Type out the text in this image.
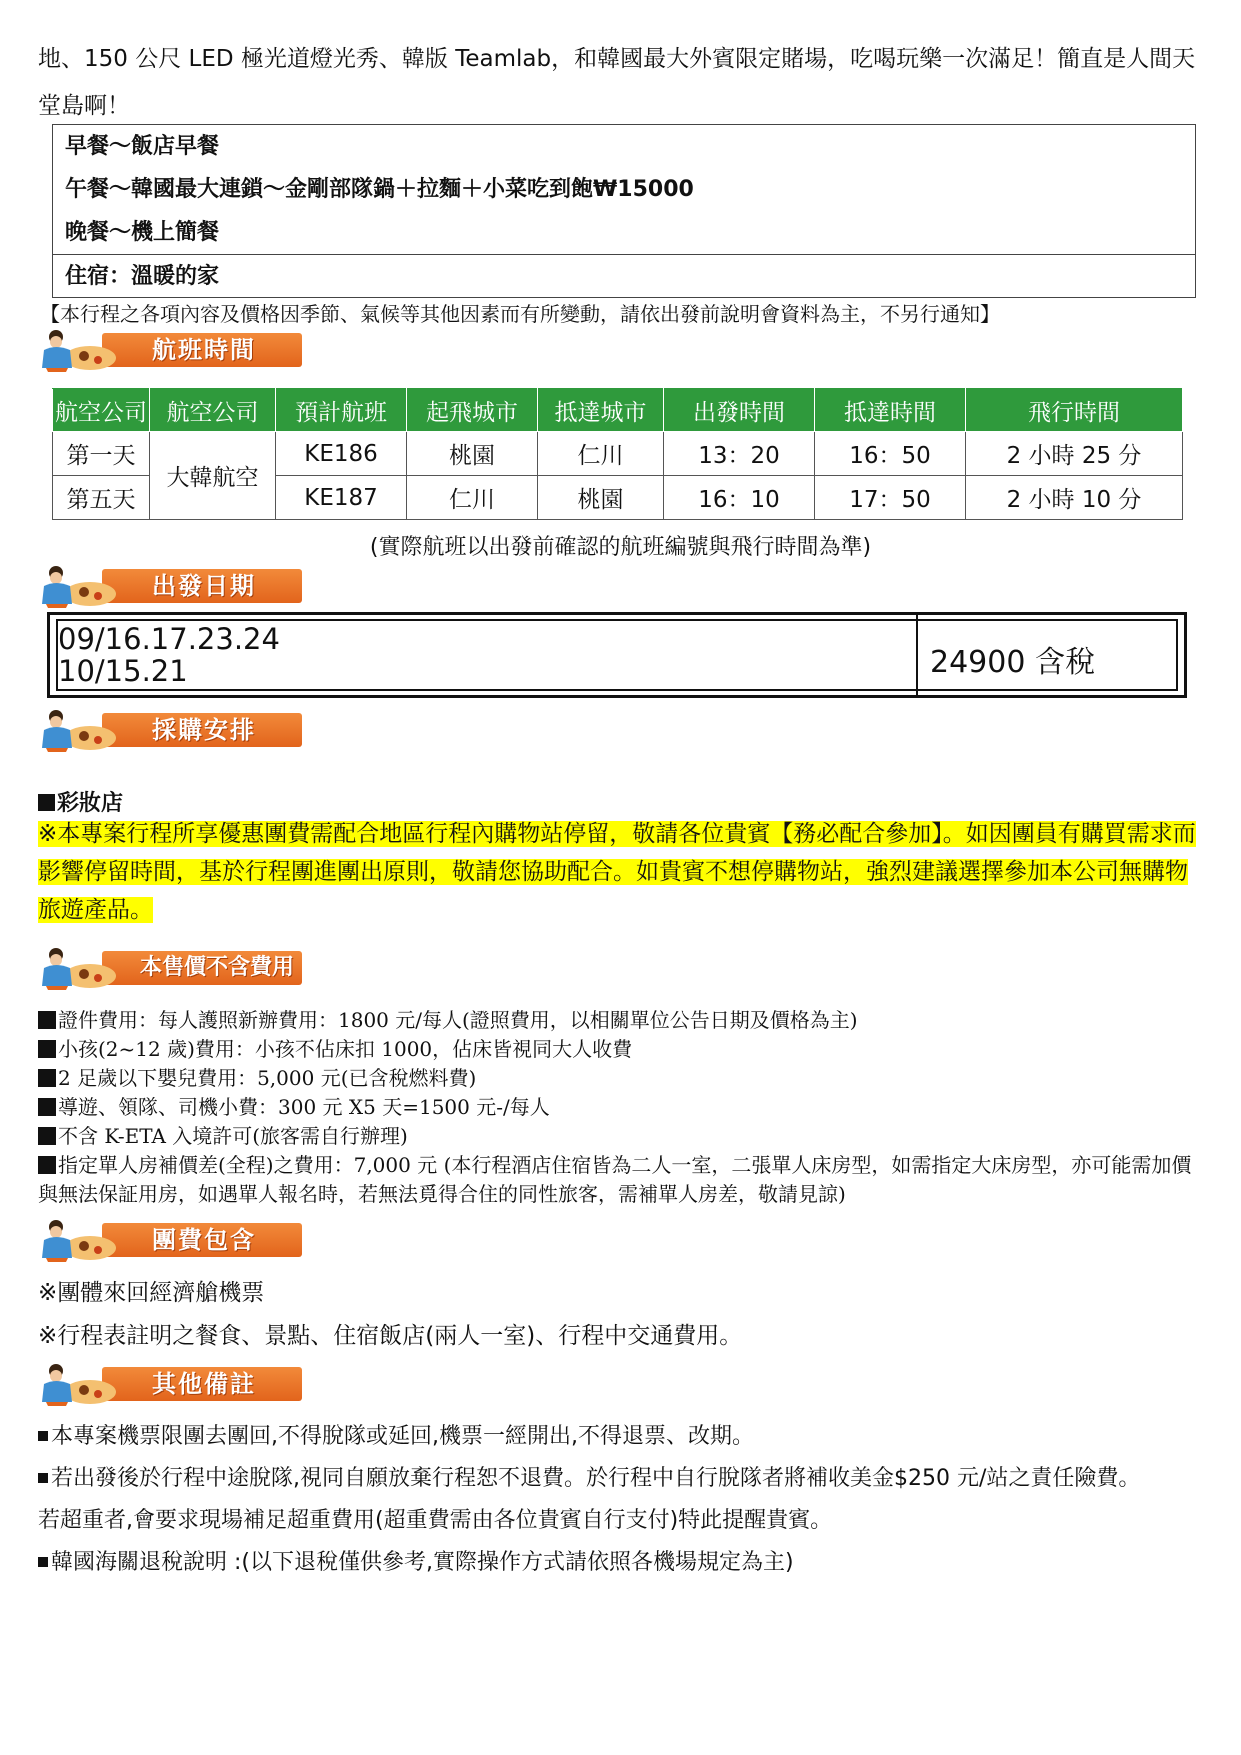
地、150 公尺 LED 極光道燈光秀、韓版 Teamlab，和韓國最大外賓限定賭場，吃喝玩樂一次滿足！簡直是人間天堂島啊！
早餐～飯店早餐
午餐～韓國最大連鎖～金剛部隊鍋＋拉麵＋小菜吃到飽₩15000
晚餐～機上簡餐
住宿：溫暖的家
【本行程之各項內容及價格因季節、氣候等其他因素而有所變動，請依出發前說明會資料為主，不另行通知】
航班時間
航空公司	航空公司	預計航班	起飛城市	抵達城市	出發時間	抵達時間	飛行時間
第一天	大韓航空	KE186	桃園	仁川	13：20	16：50	2 小時 25 分
第五天		KE187	仁川	桃園	16：10	17：50	2 小時 10 分
(實際航班以出發前確認的航班編號與飛行時間為準)
出發日期
09/16.17.23.24
10/15.21	24900 含稅
採購安排
彩妝店
※本專案行程所享優惠團費需配合地區行程內購物站停留，敬請各位貴賓【務必配合參加】。如因團員有購買需求而影響停留時間，基於行程團進團出原則，敬請您協助配合。如貴賓不想停購物站，強烈建議選擇參加本公司無購物旅遊產品。
本售價不含費用
證件費用：每人護照新辦費用：1800 元/每人(證照費用，以相關單位公告日期及價格為主)
小孩(2~12 歲)費用：小孩不佔床扣 1000，佔床皆視同大人收費
2 足歲以下嬰兒費用：5,000 元(已含稅燃料費)
導遊、領隊、司機小費：300 元 X5 天=1500 元-/每人
不含 K-ETA 入境許可(旅客需自行辦理)
指定單人房補價差(全程)之費用：7,000 元 (本行程酒店住宿皆為二人一室，二張單人床房型，如需指定大床房型，亦可能需加價與無法保証用房，如遇單人報名時，若無法覓得合住的同性旅客，需補單人房差，敬請見諒)
團費包含
※團體來回經濟艙機票
※行程表註明之餐食、景點、住宿飯店(兩人一室)、行程中交通費用。
其他備註
本專案機票限團去團回,不得脫隊或延回,機票一經開出,不得退票、改期。
若出發後於行程中途脫隊,視同自願放棄行程恕不退費。於行程中自行脫隊者將補收美金$250 元/站之責任險費。
若超重者,會要求現場補足超重費用(超重費需由各位貴賓自行支付)特此提醒貴賓。
韓國海關退稅說明 :(以下退稅僅供參考,實際操作方式請依照各機場規定為主)
